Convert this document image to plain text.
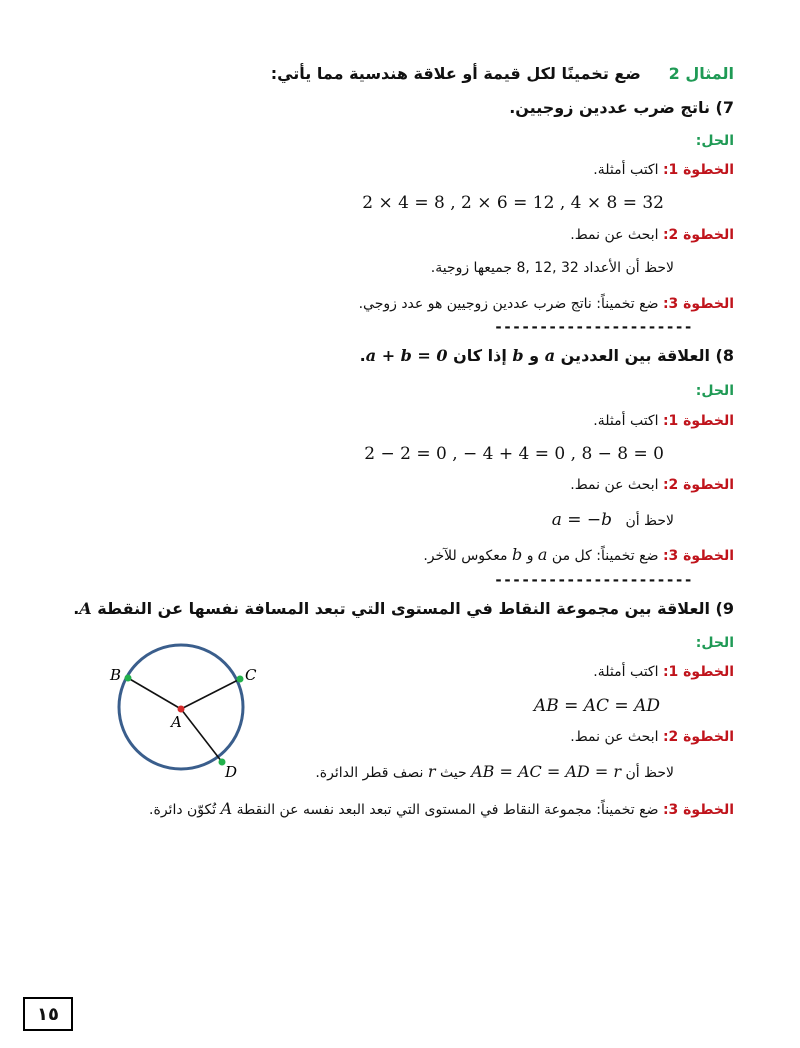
المثال 2     ضع تخمينًا لكل قيمة أو علاقة هندسية مما يأتي:
7) ناتج ضرب عددين زوجيين.
الحل:
الخطوة 1: اكتب أمثلة.
2 × 4 = 8 , 2 × 6 = 12 , 4 × 8 = 32
الخطوة 2: ابحث عن نمط.
لاحظ أن الأعداد 32 ,12 ,8 جميعها زوجية.
الخطوة 3: ضع تخميناً: ناتج ضرب عددين زوجيين هو عدد زوجي.
----------------------
8) العلاقة بين العددين a و b إذا كان a + b = 0.
الحل:
الخطوة 1: اكتب أمثلة.
2 − 2 = 0 , − 4 + 4 = 0 , 8 − 8 = 0
الخطوة 2: ابحث عن نمط.
لاحظ أن   a = −b
الخطوة 3: ضع تخميناً: كل من a و b معكوس للآخر.
----------------------
9) العلاقة بين مجموعة النقاط في المستوى التي تبعد المسافة نفسها عن النقطة A.
الحل:
الخطوة 1: اكتب أمثلة.
AB = AC = AD
الخطوة 2: ابحث عن نمط.
لاحظ أن AB = AC = AD = r حيث r نصف قطر الدائرة.
الخطوة 3: ضع تخميناً: مجموعة النقاط في المستوى التي تبعد البعد نفسه عن النقطة A تُكوّن دائرة.
B	C
A
D
١٥
